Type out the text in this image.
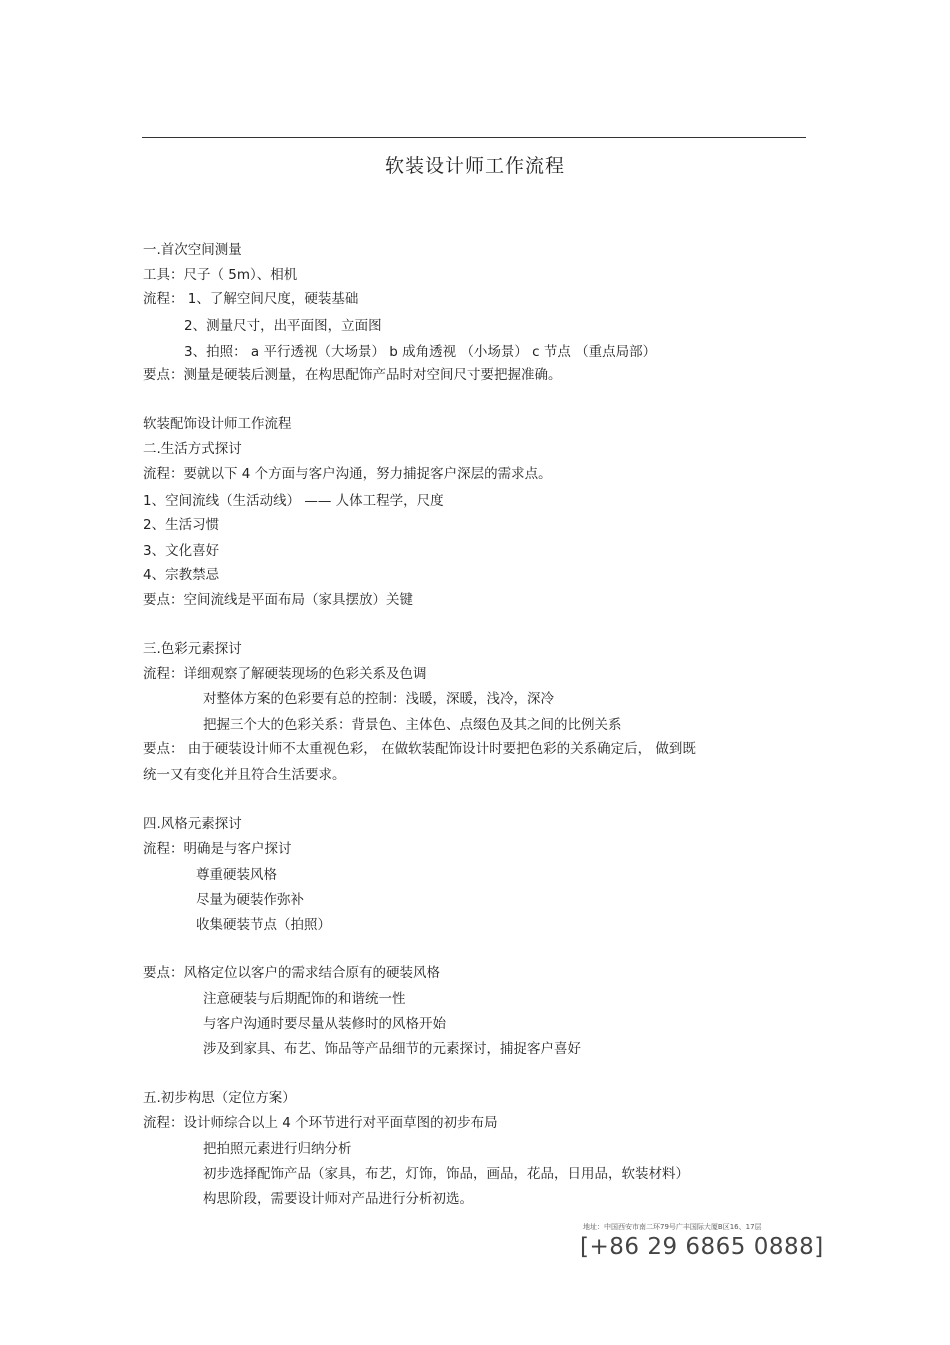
软装设计师工作流程
一.首次空间测量
工具：尺子（ 5m）、相机
流程： 1、了解空间尺度，硬装基础
2、测量尺寸，出平面图，立面图
3、拍照： a 平行透视（大场景） b 成角透视 （小场景） c 节点 （重点局部）
要点：测量是硬装后测量，在构思配饰产品时对空间尺寸要把握准确。
软装配饰设计师工作流程
二.生活方式探讨
流程：要就以下 4 个方面与客户沟通，努力捕捉客户深层的需求点。
1、空间流线（生活动线） —— 人体工程学，尺度
2、生活习惯
3、文化喜好
4、宗教禁忌
要点：空间流线是平面布局（家具摆放）关键
三.色彩元素探讨
流程：详细观察了解硬装现场的色彩关系及色调
对整体方案的色彩要有总的控制：浅暖，深暖，浅冷，深冷
把握三个大的色彩关系：背景色、主体色、点缀色及其之间的比例关系
要点： 由于硬装设计师不太重视色彩， 在做软装配饰设计时要把色彩的关系确定后， 做到既
统一又有变化并且符合生活要求。
四.风格元素探讨
流程：明确是与客户探讨
尊重硬装风格
尽量为硬装作弥补
收集硬装节点（拍照）
要点：风格定位以客户的需求结合原有的硬装风格
注意硬装与后期配饰的和谐统一性
与客户沟通时要尽量从装修时的风格开始
涉及到家具、布艺、饰品等产品细节的元素探讨，捕捉客户喜好
五.初步构思（定位方案）
流程：设计师综合以上 4 个环节进行对平面草图的初步布局
把拍照元素进行归纳分析
初步选择配饰产品（家具，布艺，灯饰，饰品，画品，花品，日用品，软装材料）
构思阶段，需要设计师对产品进行分析初选。
地址：中国西安市南二环79号广丰国际大厦B区16、17层
[+86 29 6865 0888]
